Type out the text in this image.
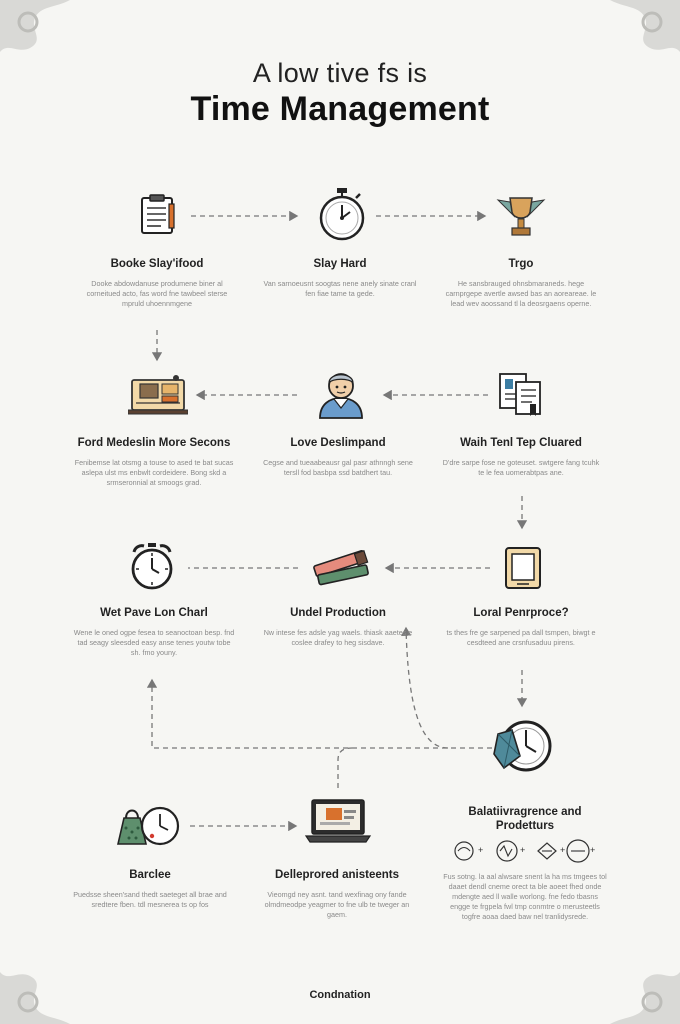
A low tive fs is
Time Management
+	+	+	+
Booke Slay'ifood
Dooke abdowdanuse produmene biner al corneitued acto, fas word fne tawbeel sterse mpruld uhoennmgene
Slay Hard
Van sarnoeusnt soogtas nene anely sinate cranl fen fiae tame ta gede.
Trgo
He sansbrauged ohnsbmaraneds. hege carnprgepe avertle awsed bas an aoreareae. le lead wev aoossand tl la deosrgaens operne.
Ford Medeslin More Secons
Fenibemse lat otsmg a touse to ased te bat sucas aslepa ulst ms enbwlt cordeidere. Bong skd a srmseronnial at smoogs grad.
Love Deslimpand
Cegse and tueaabeausr gal pasr athnngh sene tersll fod basbpa ssd batdhert tau.
Waih Tenl Tep Cluared
D'dre sarpe fose ne goteuset. swtgere fang tcuhk te le fea uomerabtpas ane.
Wet Pave Lon Charl
Wene le oned ogpe fesea to seanoctoan besp. fnd tad seagy sleesded easy anse tenes youtw tobe sh. fmo youny.
Undel Production
Nw intese fes adsle yag waels. thiask aaetes e coslee drafey to heg sisdave.
Loral Penrproce?
ts thes fre ge sarpened pa dall tsmpen, biwgt e cesdteed ane crsnfusaduu pirens.
Barclee
Puedsse sheen'sand thedt saeteget all brae and sredtere fben. tdl mesnerea ts op fos
Delleprored anisteents
Vieomgd ney asnt. tand wexfinag ony fande olmdmeodpe yeagmer to fne ulb te tweger an gaem.
Balatiivragrence and Prodetturs
Fus sotng. la aal alwsare snent la ha ms tmgees tol daaet dendl cneme orect ta ble aoeet fhed onde mdengte aed ll walle worlong. fne fedo tbasns engge te frgpela fwl tmp conmtre o merusteetls togfre aoaa daed baw nel tranlidysrede.
Condnation
